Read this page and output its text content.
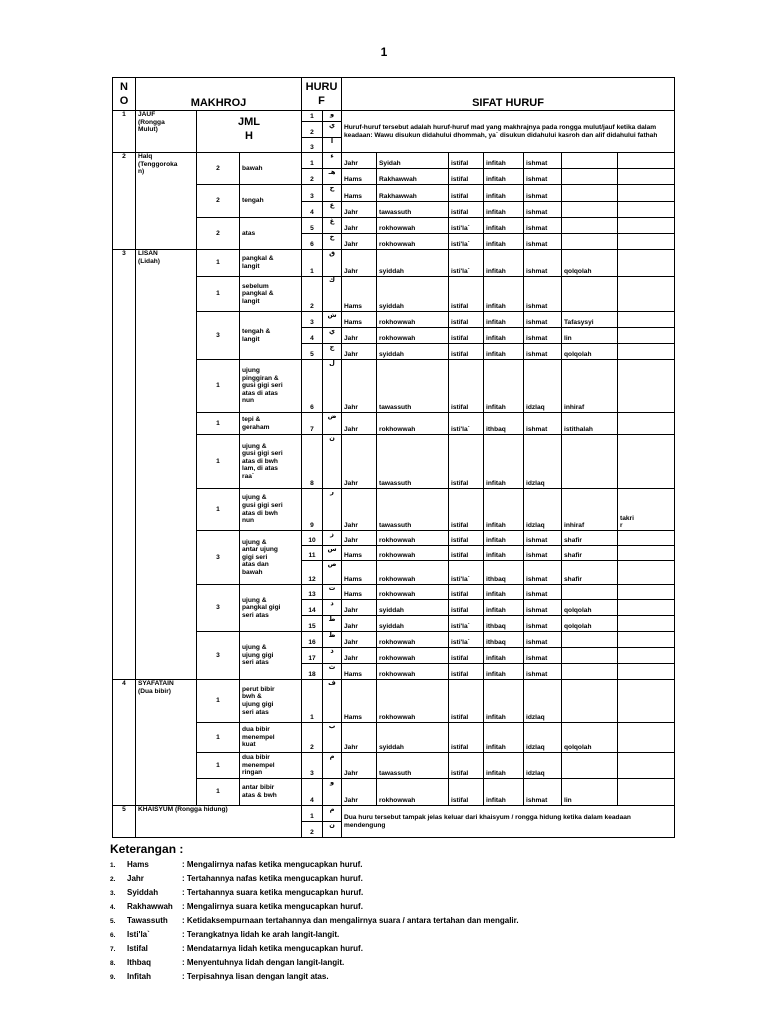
1
N
O	MAKHROJ			HURU
F		SIFAT HURUF						
1	JAUF
(Rongga
Mulut)	JML
H		1	و	Huruf-huruf tersebut adalah huruf-huruf mad yang makhrajnya pada rongga mulut/jauf ketika dalam keadaan: Wawu disukun didahului dhommah, ya` disukun didahului kasroh dan alif didahului fathah						
				2	ي							
				3	ا							
2	Halq
(Tenggoroka
n)	2	bawah	1	ء	Jahr	Syidah	istifal	infitah	ishmat		
				2	هـ	Hams	Rakhawwah	istifal	infitah	ishmat		
		2	tengah	3	ح	Hams	Rakhawwah	istifal	infitah	ishmat		
				4	ع	Jahr	tawassuth	istifal	infitah	ishmat		
		2	atas	5	غ	Jahr	rokhowwah	isti'la`	infitah	ishmat		
				6	خ	Jahr	rokhowwah	isti'la`	infitah	ishmat		
3	LISAN
(Lidah)	1	pangkal &
langit	1	ق	Jahr	syiddah	isti'la`	infitah	ishmat	qolqolah	
		1	sebelum
pangkal &
langit	2	ك	Hams	syiddah	istifal	infitah	ishmat		
		3	tengah &
langit	3	ش	Hams	rokhowwah	istifal	infitah	ishmat	Tafasysyi	
				4	ي	Jahr	rokhowwah	istifal	infitah	ishmat	lin	
				5	ج	Jahr	syiddah	istifal	infitah	ishmat	qolqolah	
		1	ujung
pinggiran &
gusi gigi seri
atas di atas
nun	6	ل	Jahr	tawassuth	istifal	infitah	idzlaq	inhiraf	
		1	tepi &
geraham	7	ض	Jahr	rokhowwah	isti'la`	ithbaq	ishmat	istithalah	
		1	ujung &
gusi gigi seri
atas di bwh
lam, di atas
raa`	8	ن	Jahr	tawassuth	istifal	infitah	idzlaq		
		1	ujung &
gusi gigi seri
atas di bwh
nun	9	ر	Jahr	tawassuth	istifal	infitah	idzlaq	inhiraf	takri
r
		3	ujung &
antar ujung
gigi seri
atas dan
bawah	10	ز	Jahr	rokhowwah	istifal	infitah	ishmat	shafir	
				11	س	Hams	rokhowwah	istifal	infitah	ishmat	shafir	
				12	ص	Hams	rokhowwah	isti'la`	ithbaq	ishmat	shafir	
		3	ujung &
pangkal gigi
seri atas	13	ت	Hams	rokhowwah	istifal	infitah	ishmat		
				14	د	Jahr	syiddah	istifal	infitah	ishmat	qolqolah	
				15	ط	Jahr	syiddah	isti'la`	ithbaq	ishmat	qolqolah	
		3	ujung &
ujung gigi
seri atas	16	ظ	Jahr	rokhowwah	isti'la`	ithbaq	ishmat		
				17	ذ	Jahr	rokhowwah	istifal	infitah	ishmat		
				18	ث	Hams	rokhowwah	istifal	infitah	ishmat		
4	SYAFATAIN
(Dua bibir)	1	perut bibir
bwh &
ujung gigi
seri atas	1	ف	Hams	rokhowwah	istifal	infitah	idzlaq		
		1	dua bibir
menempel
kuat	2	ب	Jahr	syiddah	istifal	infitah	idzlaq	qolqolah	
		1	dua bibir
menempel
ringan	3	م	Jahr	tawassuth	istifal	infitah	idzlaq		
		1	antar bibir
atas & bwh	4	و	Jahr	rokhowwah	istifal	infitah	ishmat	lin	
5	KHAISYUM (Rongga hidung)			1	م	Dua huru tersebut tampak jelas keluar dari khaisyum / rongga hidung ketika dalam keadaan mendengung						
				2	ن							
Keterangan :
1. Hams	: Mengalirnya nafas ketika mengucapkan huruf.
2. Jahr	: Tertahannya nafas ketika mengucapkan huruf.
3. Syiddah	: Tertahannya suara ketika mengucapkan huruf.
4. Rakhawwah : Mengalirnya suara ketika mengucapkan huruf.
5. Tawassuth : Ketidaksempurnaan tertahannya dan mengalirnya suara / antara tertahan dan mengalir.
6. Isti'la`	: Terangkatnya lidah ke arah langit-langit.
7. Istifal	: Mendatarnya lidah ketika mengucapkan huruf.
8. Ithbaq	: Menyentuhnya lidah dengan langit-langit.
9. Infitah	: Terpisahnya lisan dengan langit atas.
